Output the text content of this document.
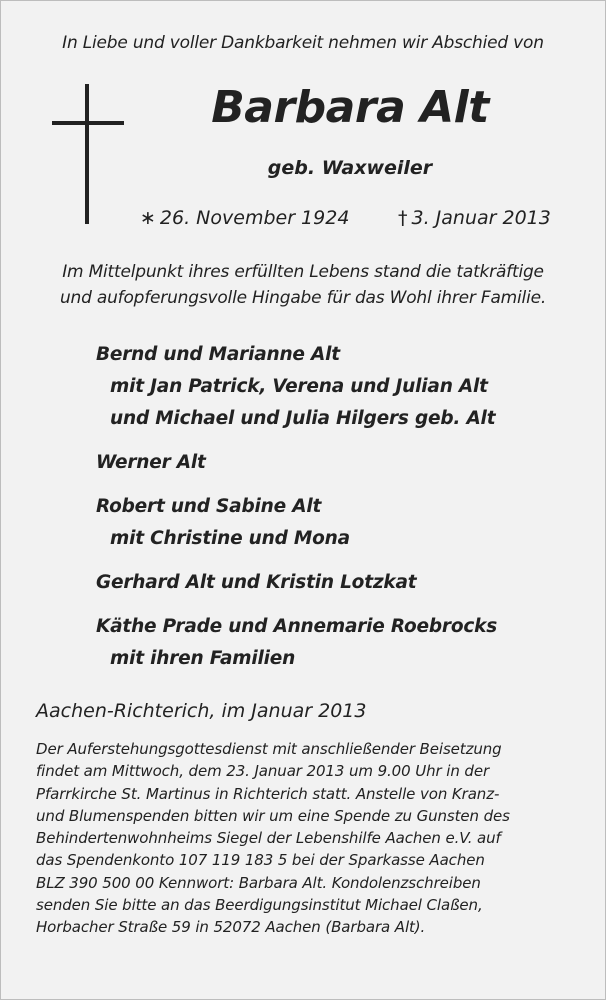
In Liebe und voller Dankbarkeit nehmen wir Abschied von
Barbara Alt
geb. Waxweiler
∗ 26. November 1924	† 3. Januar 2013
Im Mittelpunkt ihres erfüllten Lebens stand die tatkräftige
und aufopferungsvolle Hingabe für das Wohl ihrer Familie.
Bernd und Marianne Alt
mit Jan Patrick, Verena und Julian Alt
und Michael und Julia Hilgers geb. Alt
Werner Alt
Robert und Sabine Alt
mit Christine und Mona
Gerhard Alt und Kristin Lotzkat
Käthe Prade und Annemarie Roebrocks
mit ihren Familien
Aachen-Richterich, im Januar 2013
Der Auferstehungsgottesdienst mit anschließender Beisetzung
findet am Mittwoch, dem 23. Januar 2013 um 9.00 Uhr in der
Pfarrkirche St. Martinus in Richterich statt. Anstelle von Kranz-
und Blumenspenden bitten wir um eine Spende zu Gunsten des
Behindertenwohnheims Siegel der Lebenshilfe Aachen e.V. auf
das Spendenkonto 107 119 183 5 bei der Sparkasse Aachen
BLZ 390 500 00 Kennwort: Barbara Alt. Kondolenzschreiben
senden Sie bitte an das Beerdigungsinstitut Michael Claßen,
Horbacher Straße 59 in 52072 Aachen (Barbara Alt).
